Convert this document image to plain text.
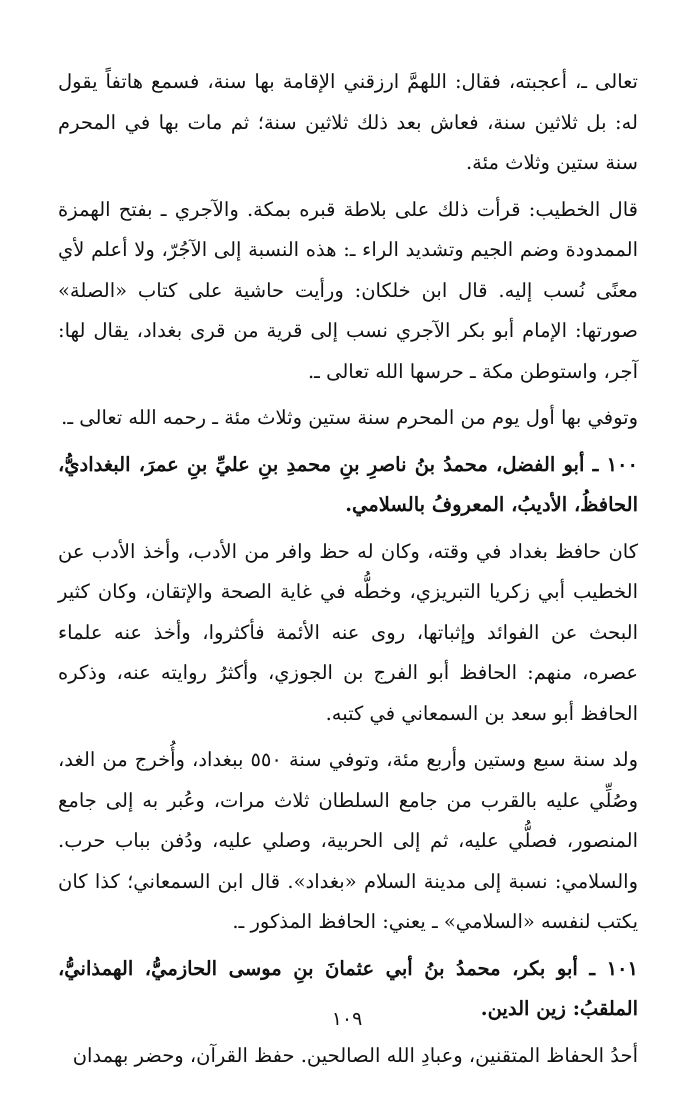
تعالى ـ، أعجبته، فقال: اللهمَّ ارزقني الإقامة بها سنة، فسمع هاتفاً يقول له: بل ثلاثين سنة، فعاش بعد ذلك ثلاثين سنة؛ ثم مات بها في المحرم سنة ستين وثلاث مئة.

قال الخطيب: قرأت ذلك على بلاطة قبره بمكة. والآجري ـ بفتح الهمزة الممدودة وضم الجيم وتشديد الراء ـ: هذه النسبة إلى الآجُرّ، ولا أعلم لأي معنًى نُسب إليه. قال ابن خلكان: ورأيت حاشية على كتاب «الصلة» صورتها: الإمام أبو بكر الآجري نسب إلى قرية من قرى بغداد، يقال لها: آجر، واستوطن مكة ـ حرسها الله تعالى ـ.

وتوفي بها أول يوم من المحرم سنة ستين وثلاث مئة ـ رحمه الله تعالى ـ.

١٠٠ ـ أبو الفضل، محمدُ بنُ ناصرِ بنِ محمدِ بنِ عليِّ بنِ عمرَ، البغداديُّ، الحافظُ، الأديبُ، المعروفُ بالسلامي.

كان حافظ بغداد في وقته، وكان له حظ وافر من الأدب، وأخذ الأدب عن الخطيب أبي زكريا التبريزي، وخطُّه في غاية الصحة والإتقان، وكان كثير البحث عن الفوائد وإثباتها، روى عنه الأئمة فأكثروا، وأخذ عنه علماء عصره، منهم: الحافظ أبو الفرج بن الجوزي، وأكثرُ روايته عنه، وذكره الحافظ أبو سعد بن السمعاني في كتبه.

ولد سنة سبع وستين وأربع مئة، وتوفي سنة ٥٥٠ ببغداد، وأُخرج من الغد، وصُلِّي عليه بالقرب من جامع السلطان ثلاث مرات، وعُبر به إلى جامع المنصور، فصلُّي عليه، ثم إلى الحربية، وصلي عليه، ودُفن بباب حرب. والسلامي: نسبة إلى مدينة السلام «بغداد». قال ابن السمعاني؛ كذا كان يكتب لنفسه «السلامي» ـ يعني: الحافظ المذكور ـ.

١٠١ ـ أبو بكر، محمدُ بنُ أبي عثمانَ بنِ موسى الحازميُّ، الهمذانيُّ، الملقبُ: زين الدين.

أحدُ الحفاظ المتقنين، وعبادِ الله الصالحين. حفظ القرآن، وحضر بهمدان

١٠٩
